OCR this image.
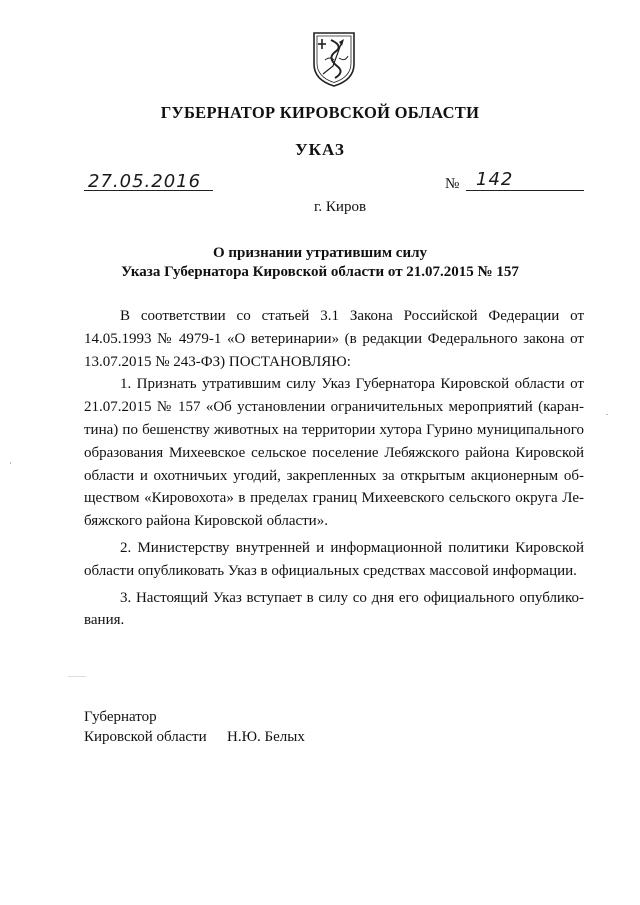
ГУБЕРНАТОР КИРОВСКОЙ ОБЛАСТИ
УКАЗ
27.05.2016	№ 142
г. Киров
О признании утратившим силу
Указа Губернатора Кировской области от 21.07.2015 № 157

В соответствии со статьей 3.1 Закона Российской Федерации от 14.05.1993 № 4979-1 «О ветеринарии» (в редакции Федерального закона от 13.07.2015 № 243-ФЗ) ПОСТАНОВЛЯЮ:

1. Признать утратившим силу Указ Губернатора Кировской области от 21.07.2015 № 157 «Об установлении ограничительных мероприятий (карантина) по бешенству животных на территории хутора Гурино муниципального образования Михеевское сельское поселение Лебяжского района Кировской области и охотничьих угодий, закрепленных за открытым акционерным обществом «Кировохота» в пределах границ Михеевского сельского округа Лебяжского района Кировской области».

2. Министерству внутренней и информационной политики Кировской области опубликовать Указ в официальных средствах массовой информации.

3. Настоящий Указ вступает в силу со дня его официального опубликования.

Губернатор
Кировской области Н.Ю. Белых
